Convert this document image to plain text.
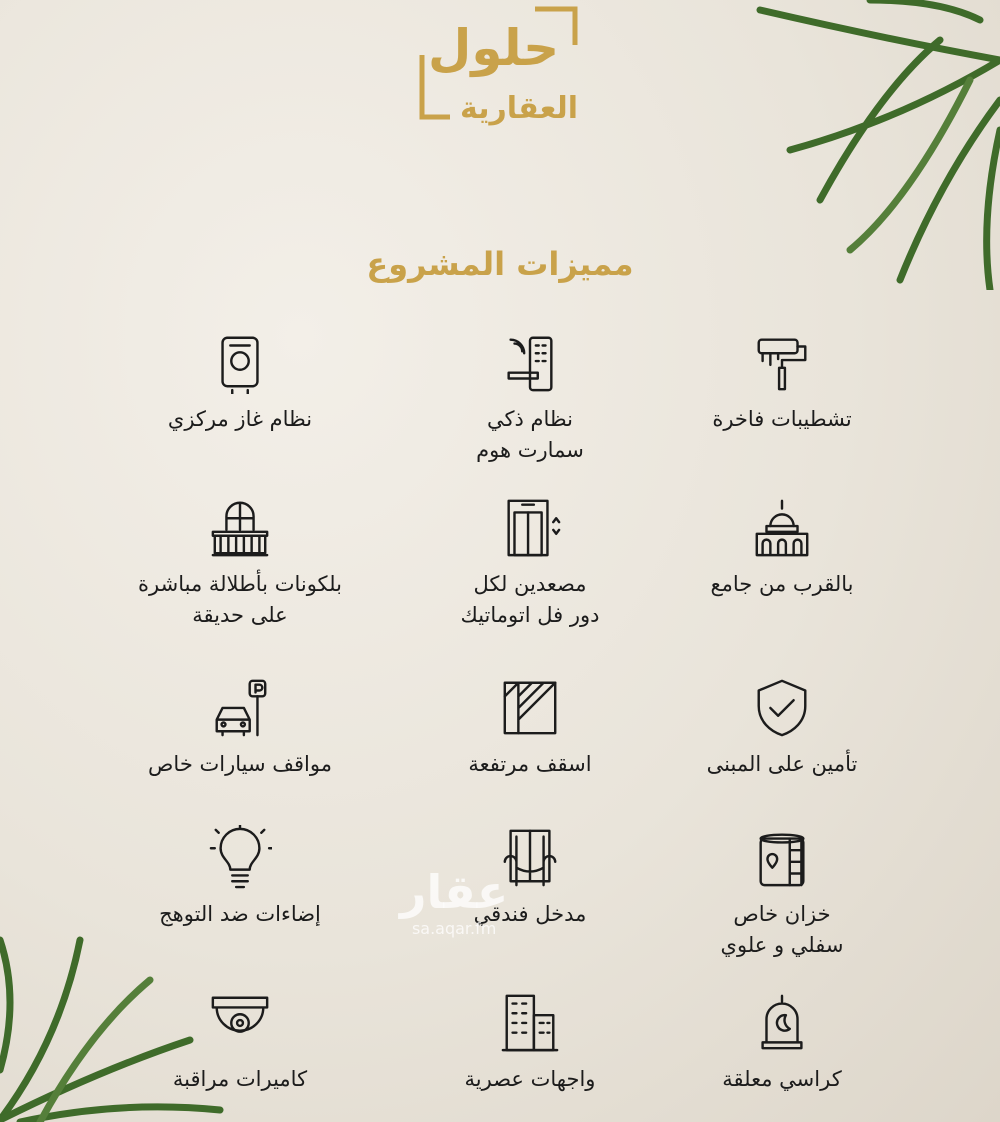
حلول
العقارية
مميزات المشروع
تشطيبات فاخرة
نظام ذكي
سمارت هوم
نظام غاز مركزي
بالقرب من جامع
مصعدين لكل
دور فل اتوماتيك
بلكونات بأطلالة مباشرة
على حديقة
تأمين على المبنى
اسقف مرتفعة
مواقف سيارات خاص
خزان خاص
سفلي و علوي
مدخل فندقي
إضاءات ضد التوهج
كراسي معلقة
واجهات عصرية
كاميرات مراقبة
عقار
sa.aqar.fm
